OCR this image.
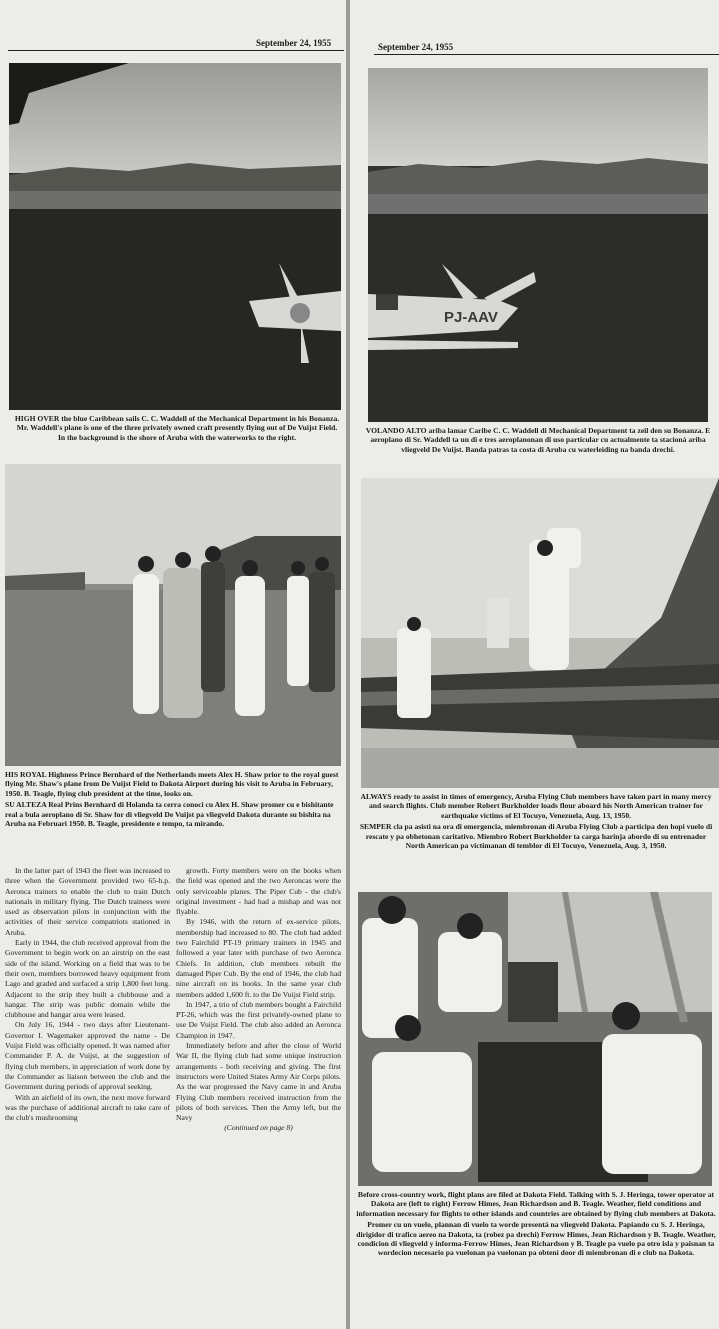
September 24, 1955

HIGH OVER the blue Caribbean sails C. C. Waddell of the Mechanical Department in his Bonanza. Mr. Waddell's plane is one of the three privately owned craft presently flying out of De Vuijst Field. In the background is the shore of Aruba with the waterworks to the right.

HIS ROYAL Highness Prince Bernhard of the Netherlands meets Alex H. Shaw prior to the royal guest flying Mr. Shaw's plane from De Vuijst Field to Dakota Airport during his visit to Aruba in February, 1950. B. Teagle, flying club president at the time, looks on.

SU ALTEZA Real Prins Bernhard di Holanda ta cerra conoci cu Alex H. Shaw promer cu e bishitante real a bula aeroplano di Sr. Shaw for di vliegveld De Vuijst pa vliegveld Dakota durante su bishita na Aruba na Februari 1950. B. Teagle, presidente e tempo, ta mirando.

In the latter part of 1943 the fleet was increased to three when the Government provided two 65-h.p. Aeronca trainers to enable the club to train Dutch nationals in military flying. The Dutch trainees were used as observation pilots in conjunction with the activities of their service compatriots stationed in Aruba.

Early in 1944, the club received approval from the Government to begin work on an airstrip on the east side of the island. Working on a field that was to be their own, members borrowed heavy equipment from Lago and graded and surfaced a strip 1,800 feet long. Adjacent to the strip they built a clubhouse and a hangar. The strip was public domain while the clubhouse and hangar area were leased.

On July 16, 1944 - two days after Lieutenant-Governor I. Wagemaker approved the name - De Vuijst Field was officially opened. It was named after Commander P. A. de Vuijst, at the suggestion of flying club members, in appreciation of work done by the Commander as liaison between the club and the Government during periods of approval seeking.

With an airfield of its own, the next move forward was the purchase of additional aircraft to take care of the club's mushrooming

growth. Forty members were on the books when the field was opened and the two Aeroncas were the only serviceable planes. The Piper Cub - the club's original investment - had had a mishap and was not flyable.

By 1946, with the return of ex-service pilots, membership had increased to 80. The club had added two Fairchild PT-19 primary trainers in 1945 and followed a year later with purchase of two Aeronca Chiefs. In addition, club members rebuilt the damaged Piper Cub. By the end of 1946, the club had nine aircraft on its books. In the same year club members added 1,600 ft. to the De Vuijst Field strip.

In 1947, a trio of club members bought a Fairchild PT-26, which was the first privately-owned plane to use De Vuijst Field. The club also added an Aeronca Champion in 1947.

Immediately before and after the close of World War II, the flying club had some unique instruction arrangements - both receiving and giving. The first instructors were United States Army Air Corps pilots. As the war progressed the Navy came in and Aruba Flying Club members received instruction from the pilots of both services. Then the Army left, but the Navy

(Continued on page 8)

September 24, 1955
PJ-AAV

VOLANDO ALTO ariba lamar Caribe C. C. Waddell di Mechanical Department ta zeil den su Bonanza. E aeroplano di Sr. Waddell ta un di e tres aeroplanonan di uso particular cu actualmente ta stacioná ariba vliegveld De Vuijst. Banda patras ta costa di Aruba cu waterleiding na banda drechi.

ALWAYS ready to assist in times of emergency, Aruba Flying Club members have taken part in many mercy and search flights. Club member Robert Burkholder loads flour aboard his North American trainer for earthquake victims of El Tocuyo, Venezuela, Aug. 13, 1950.

SEMPER cla pa asisti na ora di emergencia, miembronan di Aruba Flying Club a participa den hopi vuelo di rescate y pa obhetonan caritativo. Miembro Robert Burkholder ta carga harinja abordo di su entrenador North American pa victimanan di temblor di El Tocuyo, Venezuela, Aug. 3, 1950.

Before cross-country work, flight plans are filed at Dakota Field. Talking with S. J. Heringa, tower operator at Dakota are (left to right) Ferrow Himes, Jean Richardson and B. Teagle. Weather, field conditions and information necessary for flights to other islands and countries are obtained by flying club members at Dakota.

Promer cu un vuelo, plannan di vuelo ta worde presentá na vliegveld Dakota. Papiando cu S. J. Heringa, dirigidor di trafico aereo na Dakota, ta (robez pa drechi) Ferrow Himes, Jean Richardson y B. Teagle. Weather, condicion di vliegveld y informa-Ferrow Himes, Jean Richardson y B. Teagle pa vuelo pa otro isla y paisnan ta wordecion necesario pa vuelonan pa vuelonan pa obtení door di miembronan di e club na Dakota.
